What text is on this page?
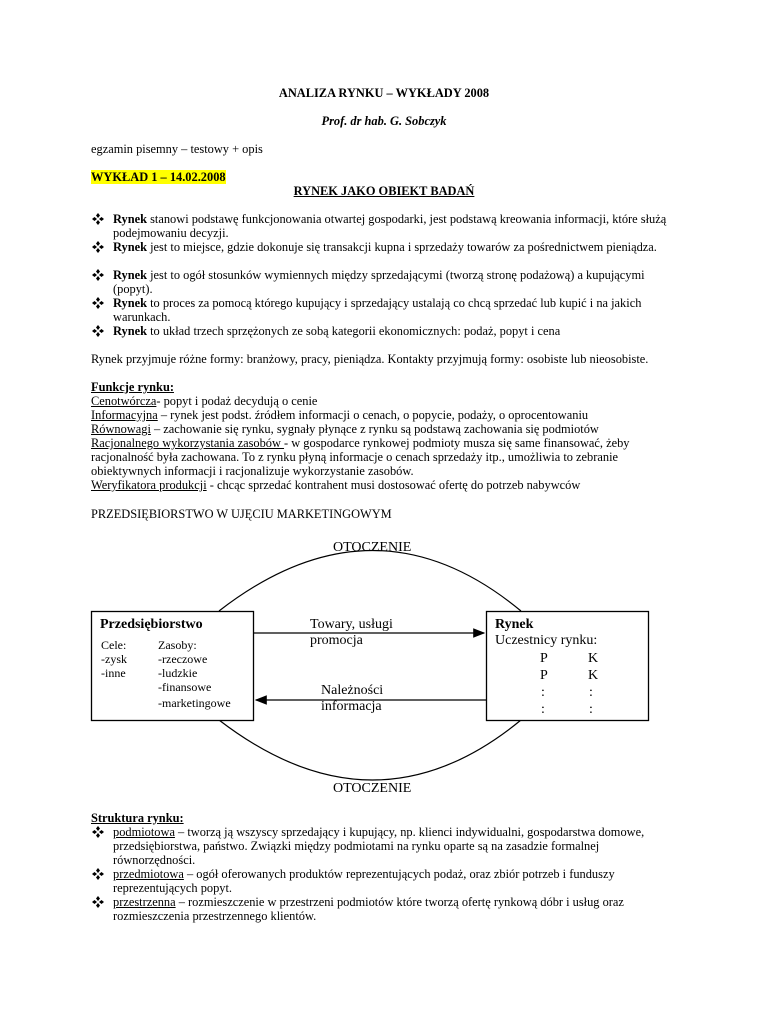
ANALIZA RYNKU – WYKŁADY 2008
Prof. dr hab. G. Sobczyk
egzamin pisemny – testowy + opis
WYKŁAD 1 – 14.02.2008
RYNEK JAKO OBIEKT BADAŃ
Rynek stanowi podstawę funkcjonowania otwartej gospodarki, jest podstawą kreowania informacji, które służą podejmowaniu decyzji.
Rynek jest to miejsce, gdzie dokonuje się transakcji kupna i sprzedaży towarów za pośrednictwem pieniądza.
Rynek jest to ogół stosunków wymiennych między sprzedającymi (tworzą stronę podażową) a kupującymi (popyt).
Rynek to proces za pomocą którego kupujący i sprzedający ustalają co chcą sprzedać lub kupić i na jakich warunkach.
Rynek to układ trzech sprzężonych ze sobą kategorii ekonomicznych: podaż, popyt i cena
Rynek przyjmuje różne formy: branżowy, pracy, pieniądza. Kontakty przyjmują formy: osobiste lub nieosobiste.
Funkcje rynku:
Cenotwórcza- popyt i podaż decydują o cenie
Informacyjna – rynek jest podst. źródłem informacji o cenach, o popycie, podaży, o oprocentowaniu
Równowagi – zachowanie się rynku, sygnały płynące z rynku są podstawą zachowania się podmiotów
Racjonalnego wykorzystania zasobów - w gospodarce rynkowej podmioty musza się same finansować, żeby racjonalność była zachowana. To z rynku płyną informacje o cenach sprzedaży itp., umożliwia to zebranie obiektywnych informacji i racjonalizuje wykorzystanie zasobów.
Weryfikatora produkcji - chcąc sprzedać kontrahent musi dostosować ofertę do potrzeb nabywców
PRZEDSIĘBIORSTWO W UJĘCIU MARKETINGOWYM
OTOCZENIE
OTOCZENIE
Przedsiębiorstwo
Cele:
-zysk
-inne
Zasoby:
-rzeczowe
-ludzkie
-finansowe
-marketingowe
Towary, usługi
promocja
Należności
informacja
Rynek
Uczestnicy rynku:
P	K
P	K
:	:
:	:
Struktura rynku:
podmiotowa – tworzą ją wszyscy sprzedający i kupujący, np. klienci indywidualni, gospodarstwa domowe, przedsiębiorstwa, państwo. Związki między podmiotami na rynku oparte są na zasadzie formalnej równorzędności.
przedmiotowa – ogół oferowanych produktów reprezentujących podaż, oraz zbiór potrzeb i funduszy reprezentujących popyt.
przestrzenna – rozmieszczenie w przestrzeni podmiotów które tworzą ofertę rynkową dóbr i usług oraz rozmieszczenia przestrzennego klientów.
